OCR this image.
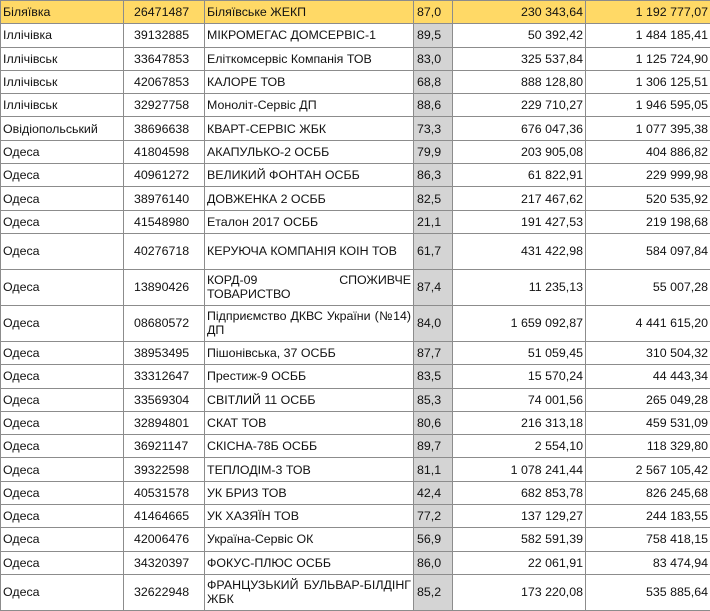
Біляївка	26471487	Біляївське ЖЕКП	87,0	230 343,64	1 192 777,07
Іллічівка	39132885	МІКРОМЕГАС ДОМСЕРВІС-1	89,5	50 392,42	1 484 185,41
Іллічівськ	33647853	Еліткомсервіс Компанія ТОВ	83,0	325 537,84	1 125 724,90
Іллічівськ	42067853	КАЛОРЕ ТОВ	68,8	888 128,80	1 306 125,51
Іллічівськ	32927758	Моноліт-Сервіс ДП	88,6	229 710,27	1 946 595,05
Овідіопольський	38696638	КВАРТ-СЕРВІС ЖБК	73,3	676 047,36	1 077 395,38
Одеса	41804598	АКАПУЛЬКО-2 ОСББ	79,9	203 905,08	404 886,82
Одеса	40961272	ВЕЛИКИЙ ФОНТАН ОСББ	86,3	61 822,91	229 999,98
Одеса	38976140	ДОВЖЕНКА 2 ОСББ	82,5	217 467,62	520 535,92
Одеса	41548980	Еталон 2017 ОСББ	21,1	191 427,53	219 198,68
Одеса	40276718	КЕРУЮЧА КОМПАНІЯ КОІН ТОВ	61,7	431 422,98	584 097,84
Одеса	13890426	КОРД-09 СПОЖИВЧЕ ТОВАРИСТВО	87,4	11 235,13	55 007,28
Одеса	08680572	Підприємство ДКВС України (№14) ДП	84,0	1 659 092,87	4 441 615,20
Одеса	38953495	Пішонівська, 37 ОСББ	87,7	51 059,45	310 504,32
Одеса	33312647	Престиж-9 ОСББ	83,5	15 570,24	44 443,34
Одеса	33569304	СВІТЛИЙ 11 ОСББ	85,3	74 001,56	265 049,28
Одеса	32894801	СКАТ ТОВ	80,6	216 313,18	459 531,09
Одеса	36921147	СКІСНА-78Б ОСББ	89,7	2 554,10	118 329,80
Одеса	39322598	ТЕПЛОДІМ-3 ТОВ	81,1	1 078 241,44	2 567 105,42
Одеса	40531578	УК БРИЗ ТОВ	42,4	682 853,78	826 245,68
Одеса	41464665	УК ХАЗЯЇН ТОВ	77,2	137 129,27	244 183,55
Одеса	42006476	Україна-Сервіс ОК	56,9	582 591,39	758 418,15
Одеса	34320397	ФОКУС-ПЛЮС ОСББ	86,0	22 061,91	83 474,94
Одеса	32622948	ФРАНЦУЗЬКИЙ БУЛЬВАР-БІЛДІНГ ЖБК	85,2	173 220,08	535 885,64
